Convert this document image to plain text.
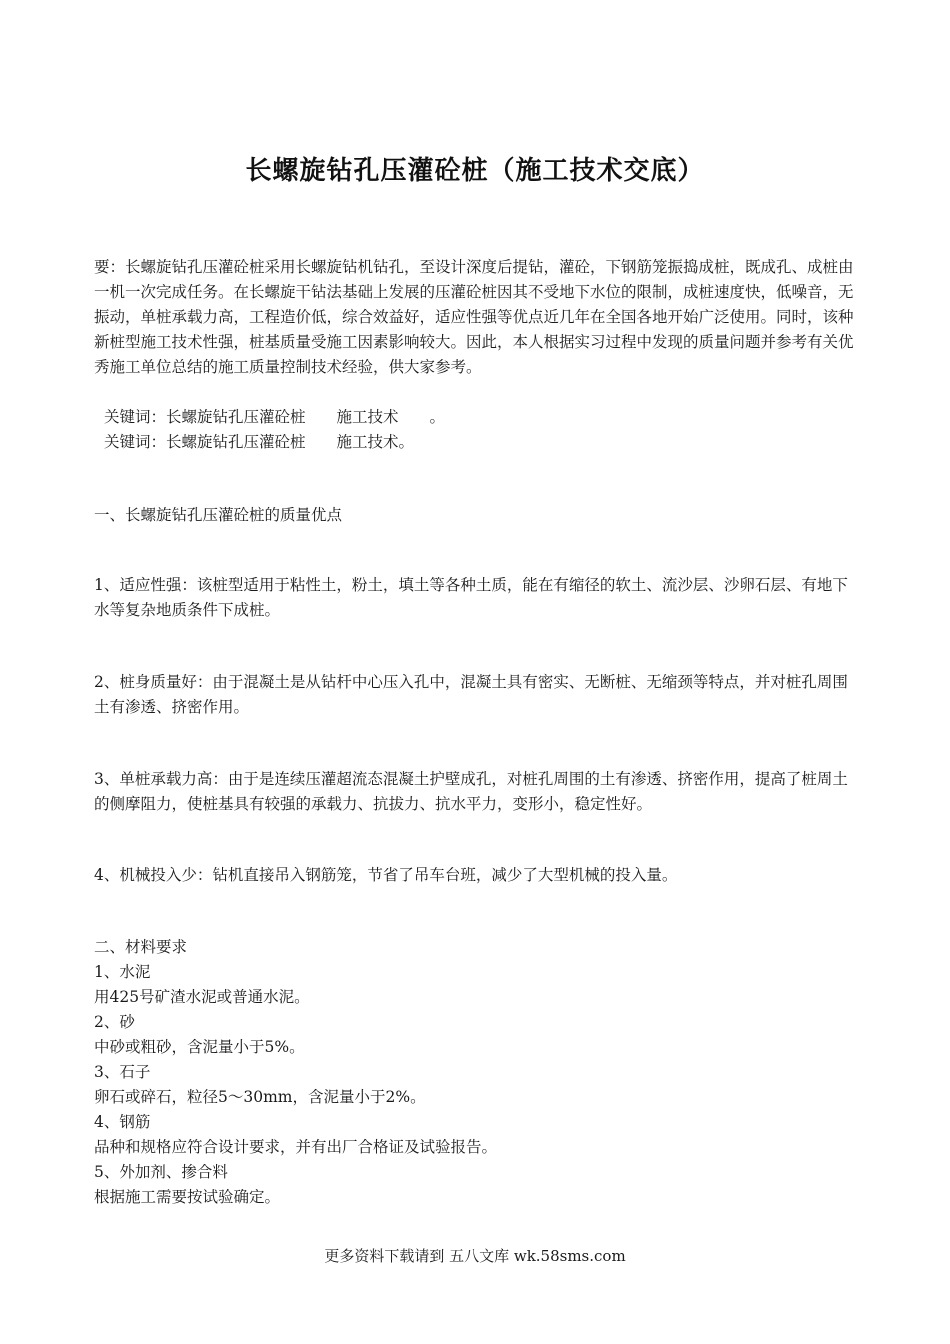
长螺旋钻孔压灌砼桩（施工技术交底）
要：长螺旋钻孔压灌砼桩采用长螺旋钻机钻孔，至设计深度后提钻，灌砼，下钢筋笼振捣成桩，既成孔、成桩由一机一次完成任务。在长螺旋干钻法基础上发展的压灌砼桩因其不受地下水位的限制，成桩速度快，低噪音，无振动，单桩承载力高，工程造价低，综合效益好，适应性强等优点近几年在全国各地开始广泛使用。同时，该种新桩型施工技术性强，桩基质量受施工因素影响较大。因此，本人根据实习过程中发现的质量问题并参考有关优秀施工单位总结的施工质量控制技术经验，供大家参考。
关键词：长螺旋钻孔压灌砼桩　　施工技术　　。
关键词：长螺旋钻孔压灌砼桩　　施工技术。
一、长螺旋钻孔压灌砼桩的质量优点
1、适应性强：该桩型适用于粘性土，粉土，填土等各种土质，能在有缩径的软土、流沙层、沙卵石层、有地下水等复杂地质条件下成桩。
2、桩身质量好：由于混凝土是从钻杆中心压入孔中，混凝土具有密实、无断桩、无缩颈等特点，并对桩孔周围土有渗透、挤密作用。
3、单桩承载力高：由于是连续压灌超流态混凝土护壁成孔，对桩孔周围的土有渗透、挤密作用，提高了桩周土的侧摩阻力，使桩基具有较强的承载力、抗拔力、抗水平力，变形小，稳定性好。
4、机械投入少：钻机直接吊入钢筋笼，节省了吊车台班，减少了大型机械的投入量。
二、材料要求
1、水泥
用425号矿渣水泥或普通水泥。
2、砂
中砂或粗砂，含泥量小于5%。
3、石子
卵石或碎石，粒径5～30mm，含泥量小于2%。
4、钢筋
品种和规格应符合设计要求，并有出厂合格证及试验报告。
5、外加剂、掺合料
根据施工需要按试验确定。
更多资料下载请到 五八文库 wk.58sms.com
